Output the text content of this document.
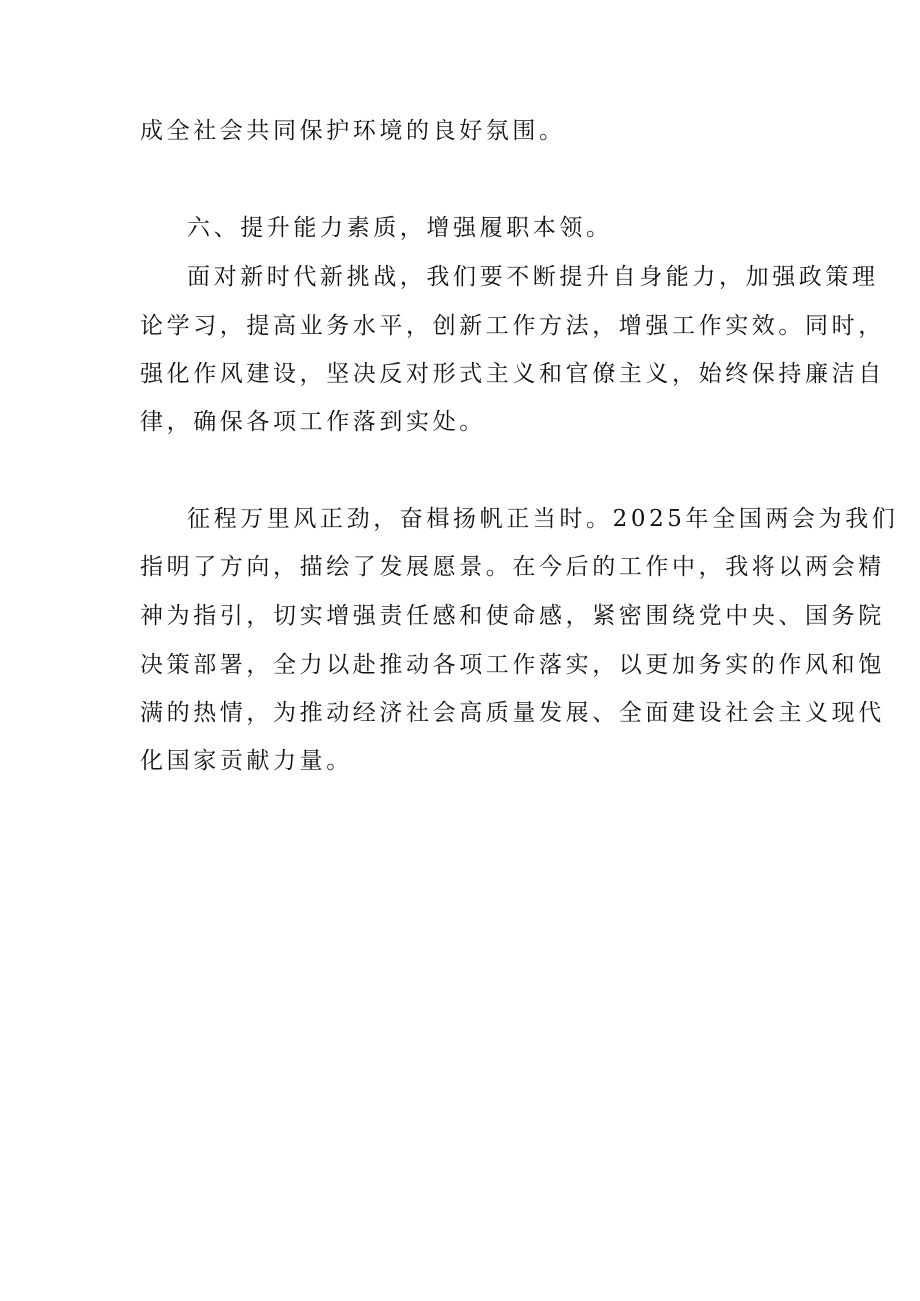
成全社会共同保护环境的良好氛围。
六、提升能力素质，增强履职本领。
面对新时代新挑战，我们要不断提升自身能力，加强政策理
论学习，提高业务水平，创新工作方法，增强工作实效。同时，
强化作风建设，坚决反对形式主义和官僚主义，始终保持廉洁自
律，确保各项工作落到实处。
征程万里风正劲，奋楫扬帆正当时。2025年全国两会为我们
指明了方向，描绘了发展愿景。在今后的工作中，我将以两会精
神为指引，切实增强责任感和使命感，紧密围绕党中央、国务院
决策部署，全力以赴推动各项工作落实，以更加务实的作风和饱
满的热情，为推动经济社会高质量发展、全面建设社会主义现代
化国家贡献力量。
